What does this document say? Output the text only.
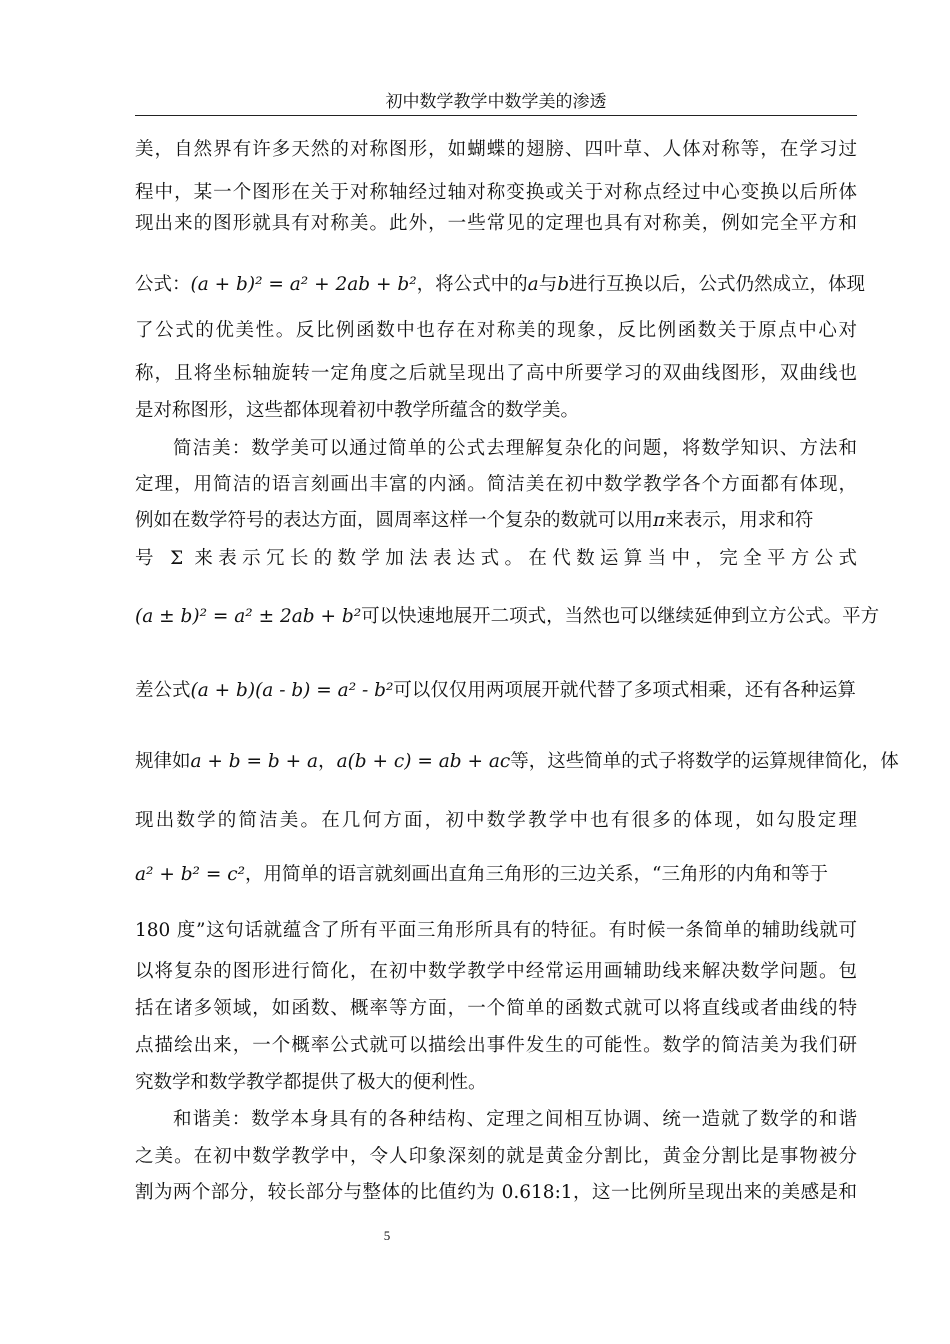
初中数学教学中数学美的渗透
美，自然界有许多天然的对称图形，如蝴蝶的翅膀、四叶草、人体对称等，在学习过
程中，某一个图形在关于对称轴经过轴对称变换或关于对称点经过中心变换以后所体
现出来的图形就具有对称美。此外，一些常见的定理也具有对称美，例如完全平方和
公式：(a + b)² = a² + 2ab + b²，将公式中的a与b进行互换以后，公式仍然成立，体现
了公式的优美性。反比例函数中也存在对称美的现象，反比例函数关于原点中心对
称，且将坐标轴旋转一定角度之后就呈现出了高中所要学习的双曲线图形，双曲线也
是对称图形，这些都体现着初中教学所蕴含的数学美。
简洁美：数学美可以通过简单的公式去理解复杂化的问题，将数学知识、方法和
定理，用简洁的语言刻画出丰富的内涵。简洁美在初中数学教学各个方面都有体现，
例如在数学符号的表达方面，圆周率这样一个复杂的数就可以用π来表示，用求和符
号 Σ 来表示冗长的数学加法表达式。在代数运算当中，完全平方公式
(a ± b)² = a² ± 2ab + b²可以快速地展开二项式，当然也可以继续延伸到立方公式。平方
差公式(a + b)(a - b) = a² - b²可以仅仅用两项展开就代替了多项式相乘，还有各种运算
规律如a + b = b + a，a(b + c) = ab + ac等，这些简单的式子将数学的运算规律简化，体
现出数学的简洁美。在几何方面，初中数学教学中也有很多的体现，如勾股定理
a² + b² = c²，用简单的语言就刻画出直角三角形的三边关系，“三角形的内角和等于
180 度”这句话就蕴含了所有平面三角形所具有的特征。有时候一条简单的辅助线就可
以将复杂的图形进行简化，在初中数学教学中经常运用画辅助线来解决数学问题。包
括在诸多领域，如函数、概率等方面，一个简单的函数式就可以将直线或者曲线的特
点描绘出来，一个概率公式就可以描绘出事件发生的可能性。数学的简洁美为我们研
究数学和数学教学都提供了极大的便利性。
和谐美：数学本身具有的各种结构、定理之间相互协调、统一造就了数学的和谐
之美。在初中数学教学中，令人印象深刻的就是黄金分割比，黄金分割比是事物被分
割为两个部分，较长部分与整体的比值约为 0.618:1，这一比例所呈现出来的美感是和
5
